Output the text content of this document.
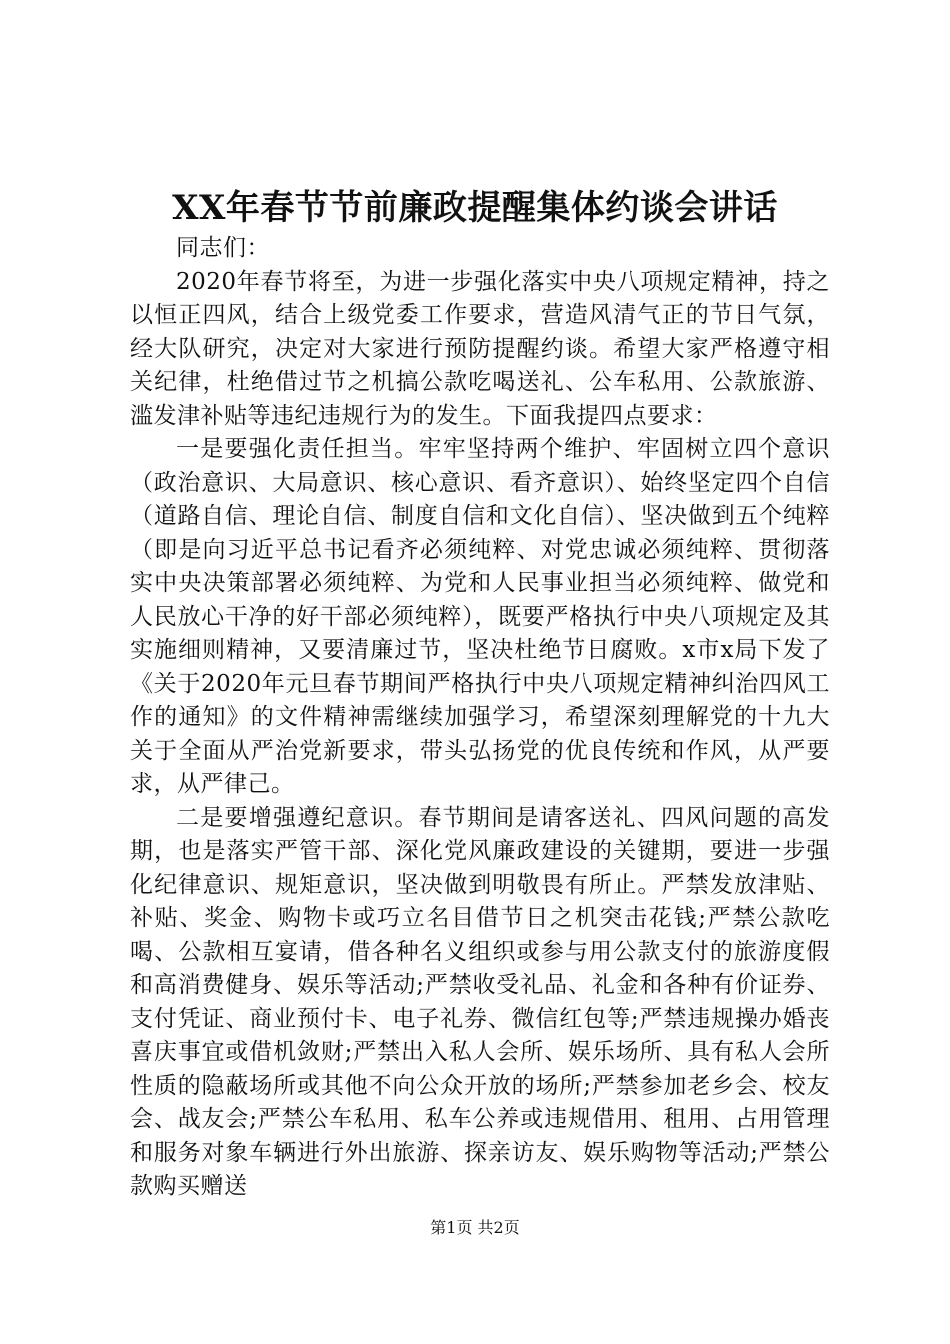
XX年春节节前廉政提醒集体约谈会讲话

同志们：

2020年春节将至，为进一步强化落实中央八项规定精神，持之以恒正四风，结合上级党委工作要求，营造风清气正的节日气氛，经大队研究，决定对大家进行预防提醒约谈。希望大家严格遵守相关纪律，杜绝借过节之机搞公款吃喝送礼、公车私用、公款旅游、滥发津补贴等违纪违规行为的发生。下面我提四点要求：

一是要强化责任担当。牢牢坚持两个维护、牢固树立四个意识（政治意识、大局意识、核心意识、看齐意识）、始终坚定四个自信（道路自信、理论自信、制度自信和文化自信）、坚决做到五个纯粹（即是向习近平总书记看齐必须纯粹、对党忠诚必须纯粹、贯彻落实中央决策部署必须纯粹、为党和人民事业担当必须纯粹、做党和人民放心干净的好干部必须纯粹），既要严格执行中央八项规定及其实施细则精神，又要清廉过节，坚决杜绝节日腐败。x市x局下发了《关于2020年元旦春节期间严格执行中央八项规定精神纠治四风工作的通知》的文件精神需继续加强学习，希望深刻理解党的十九大关于全面从严治党新要求，带头弘扬党的优良传统和作风，从严要求，从严律己。

二是要增强遵纪意识。春节期间是请客送礼、四风问题的高发期，也是落实严管干部、深化党风廉政建设的关键期，要进一步强化纪律意识、规矩意识，坚决做到明敬畏有所止。严禁发放津贴、补贴、奖金、购物卡或巧立名目借节日之机突击花钱;严禁公款吃喝、公款相互宴请，借各种名义组织或参与用公款支付的旅游度假和高消费健身、娱乐等活动;严禁收受礼品、礼金和各种有价证券、支付凭证、商业预付卡、电子礼券、微信红包等;严禁违规操办婚丧喜庆事宜或借机敛财;严禁出入私人会所、娱乐场所、具有私人会所性质的隐蔽场所或其他不向公众开放的场所;严禁参加老乡会、校友会、战友会;严禁公车私用、私车公养或违规借用、租用、占用管理和服务对象车辆进行外出旅游、探亲访友、娱乐购物等活动;严禁公款购买赠送

第1页 共2页
